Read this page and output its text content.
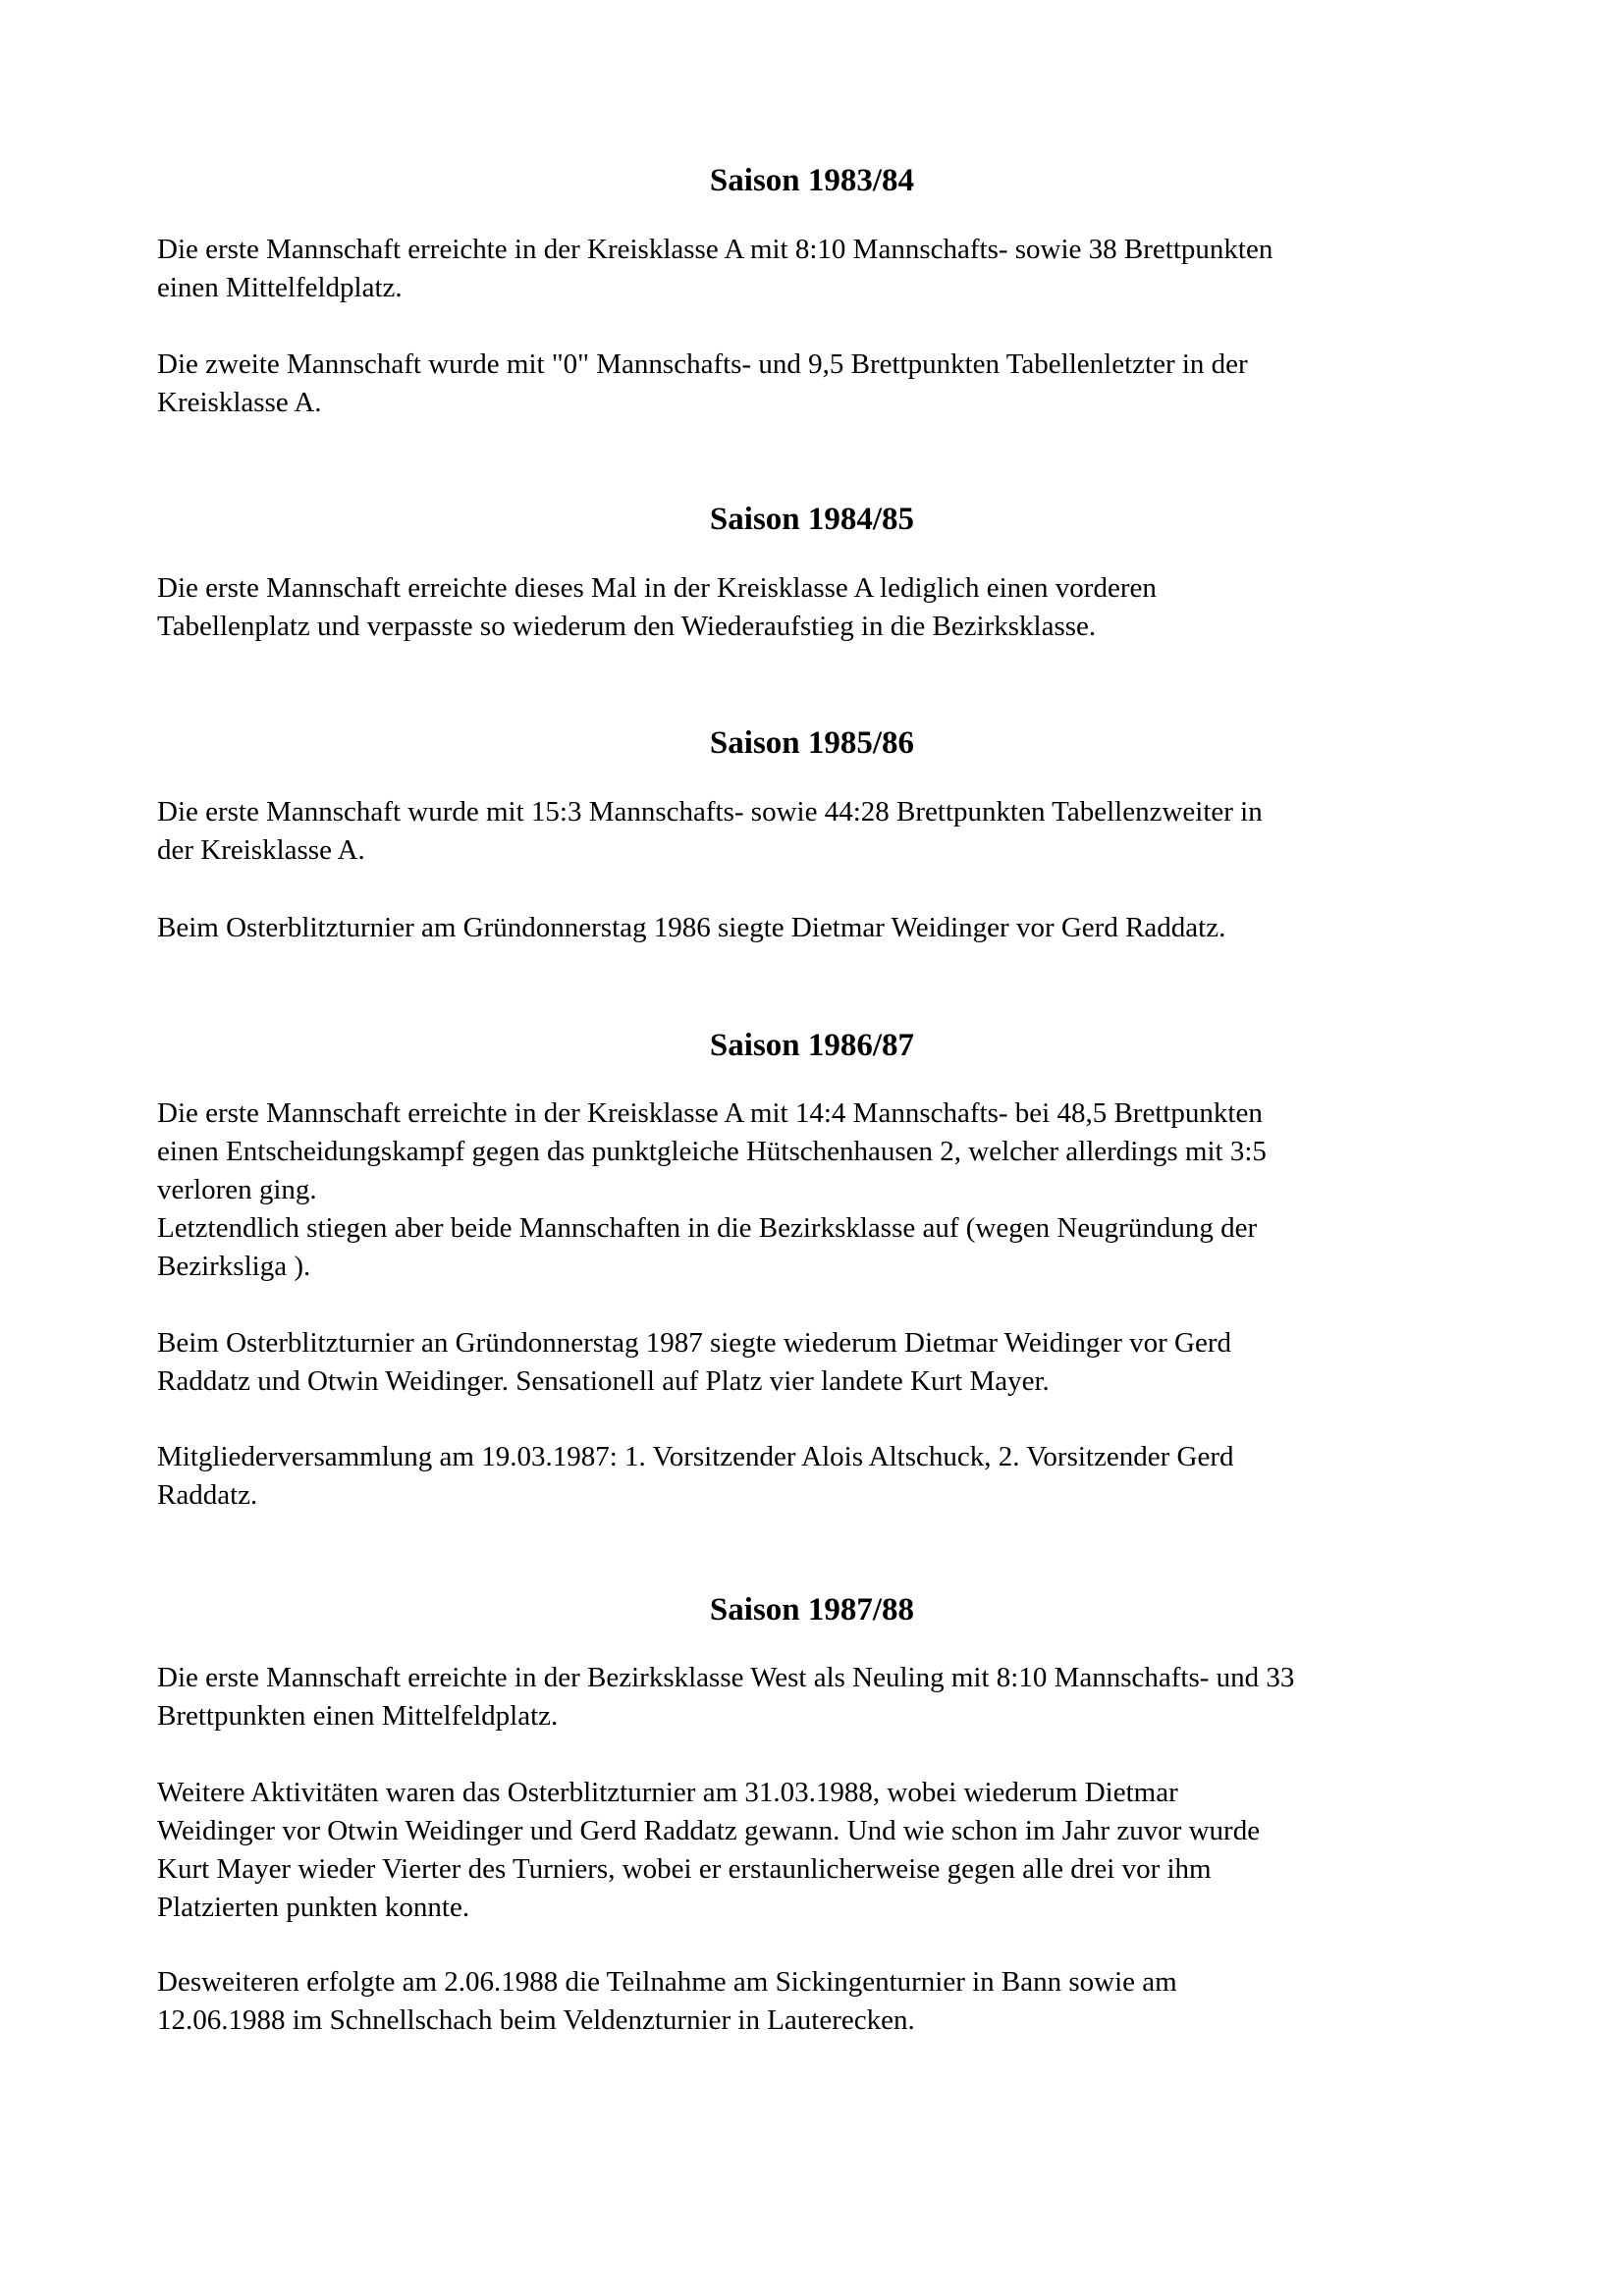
Saison 1983/84

Die erste Mannschaft erreichte in der Kreisklasse A mit 8:10 Mannschafts- sowie 38 Brettpunkten
einen Mittelfeldplatz.

Die zweite Mannschaft wurde mit "0" Mannschafts- und 9,5 Brettpunkten Tabellenletzter in der
Kreisklasse A.

Saison 1984/85

Die erste Mannschaft erreichte dieses Mal in der Kreisklasse A lediglich einen vorderen
Tabellenplatz und verpasste so wiederum den Wiederaufstieg in die Bezirksklasse.

Saison 1985/86

Die erste Mannschaft wurde mit 15:3 Mannschafts- sowie 44:28 Brettpunkten Tabellenzweiter in
der Kreisklasse A.

Beim Osterblitzturnier am Gründonnerstag 1986 siegte Dietmar Weidinger vor Gerd Raddatz.

Saison 1986/87

Die erste Mannschaft erreichte in der Kreisklasse A mit 14:4 Mannschafts- bei 48,5 Brettpunkten
einen Entscheidungskampf gegen das punktgleiche Hütschenhausen 2, welcher allerdings mit 3:5
verloren ging.
Letztendlich stiegen aber beide Mannschaften in die Bezirksklasse auf (wegen Neugründung der
Bezirksliga ).

Beim Osterblitzturnier an Gründonnerstag 1987 siegte wiederum Dietmar Weidinger vor Gerd
Raddatz und Otwin Weidinger. Sensationell auf Platz vier landete Kurt Mayer.

Mitgliederversammlung am 19.03.1987: 1. Vorsitzender Alois Altschuck, 2. Vorsitzender Gerd
Raddatz.

Saison 1987/88

Die erste Mannschaft erreichte in der Bezirksklasse West als Neuling mit 8:10 Mannschafts- und 33
Brettpunkten einen Mittelfeldplatz.

Weitere Aktivitäten waren das Osterblitzturnier am 31.03.1988, wobei wiederum Dietmar
Weidinger vor Otwin Weidinger und Gerd Raddatz gewann. Und wie schon im Jahr zuvor wurde
Kurt Mayer wieder Vierter des Turniers, wobei er erstaunlicherweise gegen alle drei vor ihm
Platzierten punkten konnte.

Desweiteren erfolgte am 2.06.1988 die Teilnahme am Sickingenturnier in Bann sowie am
12.06.1988 im Schnellschach beim Veldenzturnier in Lauterecken.
